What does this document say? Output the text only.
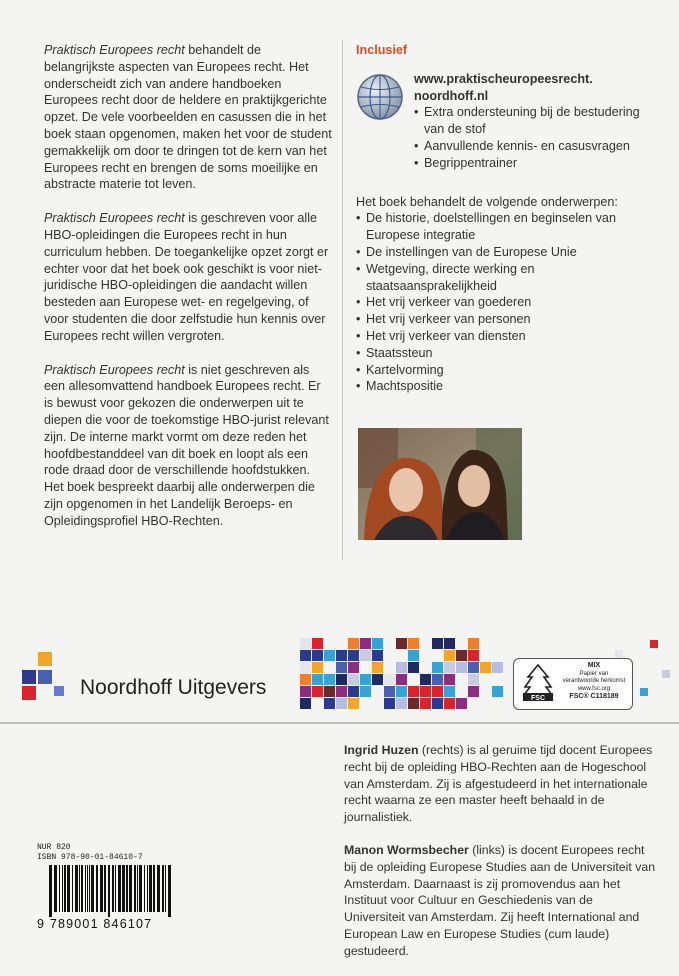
Praktisch Europees recht behandelt de belangrijkste aspecten van Europees recht. Het onderscheidt zich van andere handboeken Europees recht door de heldere en praktijkgerichte opzet. De vele voorbeelden en casussen die in het boek staan opgenomen, maken het voor de student gemakkelijk om door te dringen tot de kern van het Europees recht en brengen de soms moeilijke en abstracte materie tot leven.

Praktisch Europees recht is geschreven voor alle HBO-opleidingen die Europees recht in hun curriculum hebben. De toegankelijke opzet zorgt er echter voor dat het boek ook geschikt is voor niet-juridische HBO-opleidingen die aandacht willen besteden aan Europese wet- en regelgeving, of voor studenten die door zelfstudie hun kennis over Europees recht willen vergroten.

Praktisch Europees recht is niet geschreven als een allesomvattend handboek Europees recht. Er is bewust voor gekozen die onderwerpen uit te diepen die voor de toekomstige HBO-jurist relevant zijn. De interne markt vormt om deze reden het hoofdbestanddeel van dit boek en loopt als een rode draad door de verschillende hoofdstukken. Het boek bespreekt daarbij alle onderwerpen die zijn opgenomen in het Landelijk Beroeps- en Opleidingsprofiel HBO-Rechten.

Inclusief
www.praktischeuropeesrecht.
noordhoff.nl
• Extra ondersteuning bij de bestudering van de stof
• Aanvullende kennis- en casusvragen
• Begrippentrainer
Het boek behandelt de volgende onderwerpen:
• De historie, doelstellingen en beginselen van Europese integratie
• De instellingen van de Europese Unie
• Wetgeving, directe werking en staatsaansprakelijkheid
• Het vrij verkeer van goederen
• Het vrij verkeer van personen
• Het vrij verkeer van diensten
• Staatssteun
• Kartelvorming
• Machtspositie
Noordhoff Uitgevers	FSC
MIX
Papier van
verantwoorde herkomst
www.fsc.org
FSC® C118189

Ingrid Huzen (rechts) is al geruime tijd docent Europees recht bij de opleiding HBO-Rechten aan de Hogeschool van Amsterdam. Zij is afgestudeerd in het internationale recht waarna ze een master heeft behaald in de journalistiek.

Manon Wormsbecher (links) is docent Europees recht bij de opleiding Europese Studies aan de Universiteit van Amsterdam. Daarnaast is zij promovendus aan het Instituut voor Cultuur en Geschiedenis van de Universiteit van Amsterdam. Zij heeft International and European Law en Europese Studies (cum laude) gestudeerd.

NUR 820
ISBN 978-90-01-84610-7
9 789001 846107
